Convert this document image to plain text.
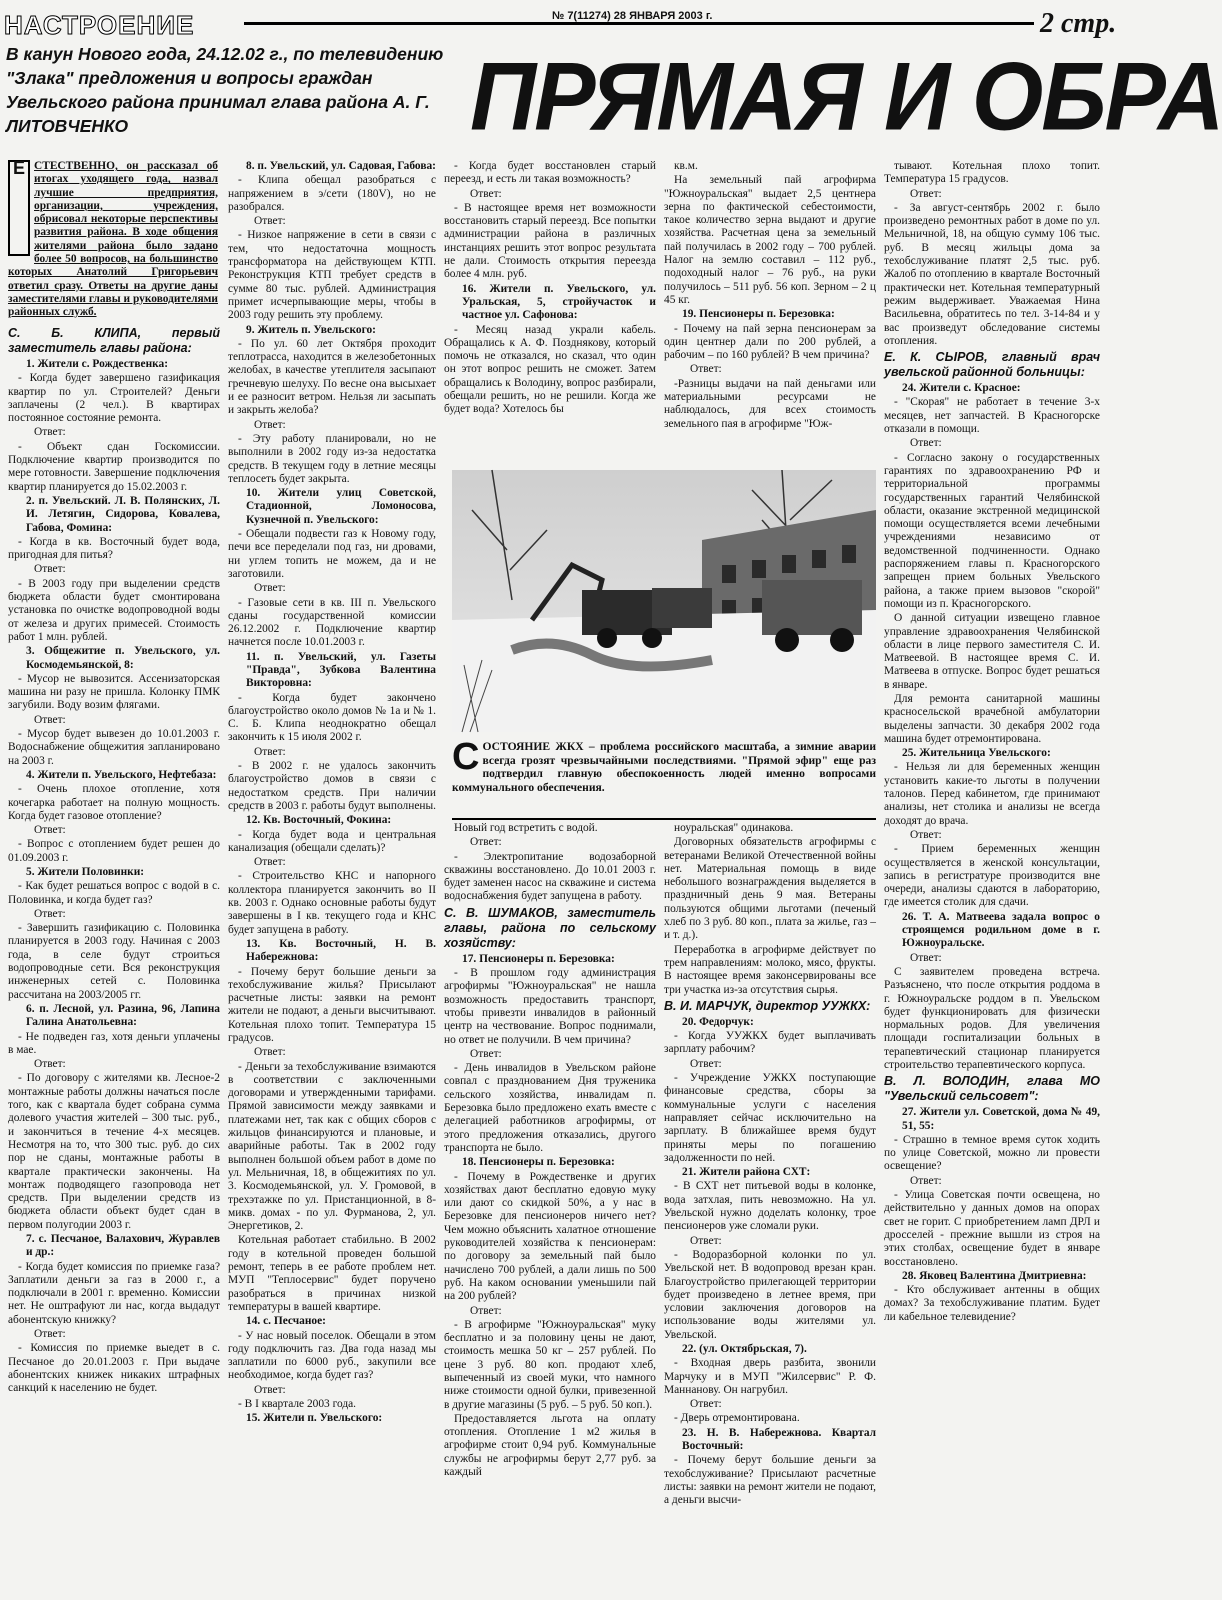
НАСТРОЕНИЕ	№ 7(11274) 28 ЯНВАРЯ 2003 г.	2 стр.
В канун Нового года, 24.12.02 г., по телевидению "Злака" предложения и вопросы граждан Увельского района принимал глава района А. Г. ЛИТОВЧЕНКО	ПРЯМАЯ И ОБРА
Е СТЕСТВЕННО, он рассказал об итогах уходящего года, назвал лучшие предприятия, организации, учреждения, обрисовал некоторые перспективы развития района. В ходе общения жителями района было задано более 50 вопросов, на большинство которых Анатолий Григорьевич ответил сразу. Ответы на другие даны заместителями главы и руководителями районных служб.

С. Б. КЛИПА, первый заместитель главы района:

1. Жители с. Рождественка:

- Когда будет завершено газификация квартир по ул. Строителей? Деньги заплачены (2 чел.). В квартирах постоянное состояние ремонта.

Ответ:

- Объект сдан Госкомиссии. Подключение квартир производится по мере готовности. Завершение подключения квартир планируется до 15.02.2003 г.

2. п. Увельский. Л. В. Полянских, Л. И. Летягин, Сидорова, Ковалева, Габова, Фомина:

- Когда в кв. Восточный будет вода, пригодная для питья?

Ответ:

- В 2003 году при выделении средств бюджета области будет смонтирована установка по очистке водопроводной воды от железа и других примесей. Стоимость работ 1 млн. рублей.

3. Общежитие п. Увельского, ул. Космодемьянской, 8:

- Мусор не вывозится. Ассенизаторская машина ни разу не пришла. Колонку ПМК загубили. Воду возим флягами.

Ответ:

- Мусор будет вывезен до 10.01.2003 г. Водоснабжение общежития запланировано на 2003 г.

4. Жители п. Увельского, Нефтебаза:

- Очень плохое отопление, хотя кочегарка работает на полную мощность. Когда будет газовое отопление?

Ответ:

- Вопрос с отоплением будет решен до 01.09.2003 г.

5. Жители Половинки:

- Как будет решаться вопрос с водой в с. Половинка, и когда будет газ?

Ответ:

- Завершить газификацию с. Половинка планируется в 2003 году. Начиная с 2003 года, в селе будут строиться водопроводные сети. Вся реконструкция инженерных сетей с. Половинка рассчитана на 2003/2005 гг.

6. п. Лесной, ул. Разина, 96, Лапина Галина Анатольевна:

- Не подведен газ, хотя деньги уплачены в мае.

Ответ:

- По договору с жителями кв. Лесное-2 монтажные работы должны начаться после того, как с квартала будет собрана сумма долевого участия жителей – 300 тыс. руб., и закончиться в течение 4-х месяцев. Несмотря на то, что 300 тыс. руб. до сих пор не сданы, монтажные работы в квартале практически закончены. На монтаж подводящего газопровода нет средств. При выделении средств из бюджета области объект будет сдан в первом полугодии 2003 г.

7. с. Песчаное, Валахович, Журавлев и др.:

- Когда будет комиссия по приемке газа? Заплатили деньги за газ в 2000 г., а подключали в 2001 г. временно. Комиссии нет. Не оштрафуют ли нас, когда выдадут абонентскую книжку?

Ответ:

- Комиссия по приемке выедет в с. Песчаное до 20.01.2003 г. При выдаче абонентских книжек никаких штрафных санкций к населению не будет.

8. п. Увельский, ул. Садовая, Габова:

- Клипа обещал разобраться с напряжением в э/сети (180V), но не разобрался.

Ответ:

- Низкое напряжение в сети в связи с тем, что недостаточна мощность трансформатора на действующем КТП. Реконструкция КТП требует средств в сумме 80 тыс. рублей. Администрация примет исчерпывающие меры, чтобы в 2003 году решить эту проблему.

9. Житель п. Увельского:

- По ул. 60 лет Октября проходит теплотрасса, находится в железобетонных желобах, в качестве утеплителя засыпают гречневую шелуху. По весне она высыхает и ее разносит ветром. Нельзя ли засыпать и закрыть желоба?

Ответ:

- Эту работу планировали, но не выполнили в 2002 году из-за недостатка средств. В текущем году в летние месяцы теплосеть будет закрыта.

10. Жители улиц Советской, Стадионной, Ломоносова, Кузнечной п. Увельского:

- Обещали подвести газ к Новому году, печи все переделали под газ, ни дровами, ни углем топить не можем, да и не заготовили.

Ответ:

- Газовые сети в кв. III п. Увельского сданы государственной комиссии 26.12.2002 г. Подключение квартир начнется после 10.01.2003 г.

11. п. Увельский, ул. Газеты "Правда", Зубкова Валентина Викторовна:

- Когда будет закончено благоустройство около домов № 1а и № 1. С. Б. Клипа неоднократно обещал закончить к 15 июля 2002 г.

Ответ:

- В 2002 г. не удалось закончить благоустройство домов в связи с недостатком средств. При наличии средств в 2003 г. работы будут выполнены.

12. Кв. Восточный, Фокина:

- Когда будет вода и центральная канализация (обещали сделать)?

Ответ:

- Строительство КНС и напорного коллектора планируется закончить во II кв. 2003 г. Однако основные работы будут завершены в I кв. текущего года и КНС будет запущена в работу.

13. Кв. Восточный, Н. В. Набережнова:

- Почему берут большие деньги за техобслуживание жилья? Присылают расчетные листы: заявки на ремонт жители не подают, а деньги высчитывают. Котельная плохо топит. Температура 15 градусов.

Ответ:

- Деньги за техобслуживание взимаются в соответствии с заключенными договорами и утвержденными тарифами. Прямой зависимости между заявками и платежами нет, так как с общих сборов с жильцов финансируются и плановые, и аварийные работы. Так в 2002 году выполнен большой объем работ в доме по ул. Мельничная, 18, в общежитиях по ул. 3. Космодемьянской, ул. У. Громовой, в трехэтажке по ул. Пристанционной, в 8-микв. домах - по ул. Фурманова, 2, ул. Энергетиков, 2.

Котельная работает стабильно. В 2002 году в котельной проведен большой ремонт, теперь в ее работе проблем нет. МУП "Теплосервис" будет поручено разобраться в причинах низкой температуры в вашей квартире.

14. с. Песчаное:

- У нас новый поселок. Обещали в этом году подключить газ. Два года назад мы заплатили по 6000 руб., закупили все необходимое, когда будет газ?

Ответ:

- В I квартале 2003 года.

15. Жители п. Увельского:

- Когда будет восстановлен старый переезд, и есть ли такая возможность?

Ответ:

- В настоящее время нет возможности восстановить старый переезд. Все попытки администрации района в различных инстанциях решить этот вопрос результата не дали. Стоимость открытия переезда более 4 млн. руб.

16. Жители п. Увельского, ул. Уральская, 5, стройучасток и частное ул. Сафонова:

- Месяц назад украли кабель. Обращались к А. Ф. Позднякову, который помочь не отказался, но сказал, что один он этот вопрос решить не сможет. Затем обращались к Володину, вопрос разбирали, обещали решить, но не решили. Когда же будет вода? Хотелось бы

кв.м.

На земельный пай агрофирма "Южноуральская" выдает 2,5 центнера зерна по фактической себестоимости, такое количество зерна выдают и другие хозяйства. Расчетная цена за земельный пай получилась в 2002 году – 700 рублей. Налог на землю составил – 112 руб., подоходный налог – 76 руб., на руки получилось – 511 руб. 56 коп. Зерном – 2 ц 45 кг.

19. Пенсионеры п. Березовка:

- Почему на пай зерна пенсионерам за один центнер дали по 200 рублей, а рабочим – по 160 рублей? В чем причина?

Ответ:

-Разницы выдачи на пай деньгами или материальными ресурсами не наблюдалось, для всех стоимость земельного пая в агрофирме "Юж-

тывают. Котельная плохо топит. Температура 15 градусов.

Ответ:

- За август-сентябрь 2002 г. было произведено ремонтных работ в доме по ул. Мельничной, 18, на общую сумму 106 тыс. руб. В месяц жильцы дома за техобслуживание платят 2,5 тыс. руб. Жалоб по отоплению в квартале Восточный практически нет. Котельная температурный режим выдерживает. Уважаемая Нина Васильевна, обратитесь по тел. 3-14-84 и у вас произведут обследование системы отопления.

Е. К. СЫРОВ, главный врач увельской районной больницы:

24. Жители с. Красное:

- "Скорая" не работает в течение 3-х месяцев, нет запчастей. В Красногорске отказали в помощи.

Ответ:

- Согласно закону о государственных гарантиях по здравоохранению РФ и территориальной программы государственных гарантий Челябинской области, оказание экстренной медицинской помощи осуществляется всеми лечебными учреждениями независимо от ведомственной подчиненности. Однако распоряжением главы п. Красногорского запрещен прием больных Увельского района, а также прием вызовов "скорой" помощи из п. Красногорского.

О данной ситуации извещено главное управление здравоохранения Челябинской области в лице первого заместителя С. И. Матвеевой. В настоящее время С. И. Матвеева в отпуске. Вопрос будет решаться в январе.

Для ремонта санитарной машины красносельской врачебной амбулатории выделены запчасти. 30 декабря 2002 года машина будет отремонтирована.

25. Жительница Увельского:

- Нельзя ли для беременных женщин установить какие-то льготы в получении талонов. Перед кабинетом, где принимают анализы, нет столика и анализы не всегда доходят до врача.

Ответ:

- Прием беременных женщин осуществляется в женской консультации, запись в регистратуре производится вне очереди, анализы сдаются в лабораторию, где имеется столик для сдачи.

26. Т. А. Матвеева задала вопрос о строящемся родильном доме в г. Южноуральске.

Ответ:

С заявителем проведена встреча. Разъяснено, что после открытия роддома в г. Южноуральске роддом в п. Увельском будет функционировать для физически нормальных родов. Для увеличения площади госпитализации больных в терапевтический стационар планируется строительство терапевтического корпуса.

В. Л. ВОЛОДИН, глава МО "Увельский сельсовет":

27. Жители ул. Советской, дома № 49, 51, 55:

- Страшно в темное время суток ходить по улице Советской, можно ли провести освещение?

Ответ:

- Улица Советская почти освещена, но действительно у данных домов на опорах свет не горит. С приобретением ламп ДРЛ и дросселей - прежние вышли из строя на этих столбах, освещение будет в январе восстановлено.

28. Яковец Валентина Дмитриевна:

- Кто обслуживает антенны в общих домах? За техобслуживание платим. Будет ли кабельное телевидение?

С ОСТОЯНИЕ ЖКХ – проблема российского масштаба, а зимние аварии всегда грозят чрезвычайными последствиями. "Прямой эфир" еще раз подтвердил главную обеспокоенность людей именно вопросами коммунального обеспечения.

Новый год встретить с водой.

Ответ:

- Электропитание водозаборной скважины восстановлено. До 10.01 2003 г. будет заменен насос на скважине и система водоснабжения будет запущена в работу.

С. В. ШУМАКОВ, заместитель главы, района по сельскому хозяйству:

17. Пенсионеры п. Березовка:

- В прошлом году администрация агрофирмы "Южноуральская" не нашла возможность предоставить транспорт, чтобы привезти инвалидов в районный центр на чествование. Вопрос поднимали, но ответ не получили. В чем причина?

Ответ:

- День инвалидов в Увельском районе совпал с празднованием Дня труженика сельского хозяйства, инвалидам п. Березовка было предложено ехать вместе с делегацией работников агрофирмы, от этого предложения отказались, другого транспорта не было.

18. Пенсионеры п. Березовка:

- Почему в Рождественке и других хозяйствах дают бесплатно едовую муку или дают со скидкой 50%, а у нас в Березовке для пенсионеров ничего нет? Чем можно объяснить халатное отношение руководителей хозяйства к пенсионерам: по договору за земельный пай было начислено 700 рублей, а дали лишь по 500 руб. На каком основании уменьшили пай на 200 рублей?

Ответ:

- В агрофирме "Южноуральская" муку бесплатно и за половину цены не дают, стоимость мешка 50 кг – 257 рублей. По цене 3 руб. 80 коп. продают хлеб, выпеченный из своей муки, что намного ниже стоимости одной булки, привезенной в другие магазины (5 руб. – 5 руб. 50 коп.).

Предоставляется льгота на оплату отопления. Отопление 1 м2 жилья в агрофирме стоит 0,94 руб. Коммунальные службы не агрофирмы берут 2,77 руб. за каждый

ноуральская" одинакова.

Договорных обязательств агрофирмы с ветеранами Великой Отечественной войны нет. Материальная помощь в виде небольшого вознаграждения выделяется в праздничный день 9 мая. Ветераны пользуются общими льготами (печеный хлеб по 3 руб. 80 коп., плата за жилье, газ – и т. д.).

Переработка в агрофирме действует по трем направлениям: молоко, мясо, фрукты. В настоящее время законсервированы все три участка из-за отсутствия сырья.

В. И. МАРЧУК, директор УУЖКХ:

20. Федорчук:

- Когда УУЖКХ будет выплачивать зарплату рабочим?

Ответ:

- Учреждение УЖКХ поступающие финансовые средства, сборы за коммунальные услуги с населения направляет сейчас исключительно на зарплату. В ближайшее время будут приняты меры по погашению задолженности по ней.

21. Жители района СХТ:

- В СХТ нет питьевой воды в колонке, вода затхлая, пить невозможно. На ул. Увельской нужно доделать колонку, трое пенсионеров уже сломали руки.

Ответ:

- Водоразборной колонки по ул. Увельской нет. В водопровод врезан кран. Благоустройство прилегающей территории будет произведено в летнее время, при условии заключения договоров на использование воды жителями ул. Увельской.

22. (ул. Октябрьская, 7).

- Входная дверь разбита, звонили Марчуку и в МУП "Жилсервис" Р. Ф. Маннанову. Он нагрубил.

Ответ:

- Дверь отремонтирована.

23. Н. В. Набережнова. Квартал Восточный:

- Почему берут большие деньги за техобслуживание? Присылают расчетные листы: заявки на ремонт жители не подают, а деньги высчи-
